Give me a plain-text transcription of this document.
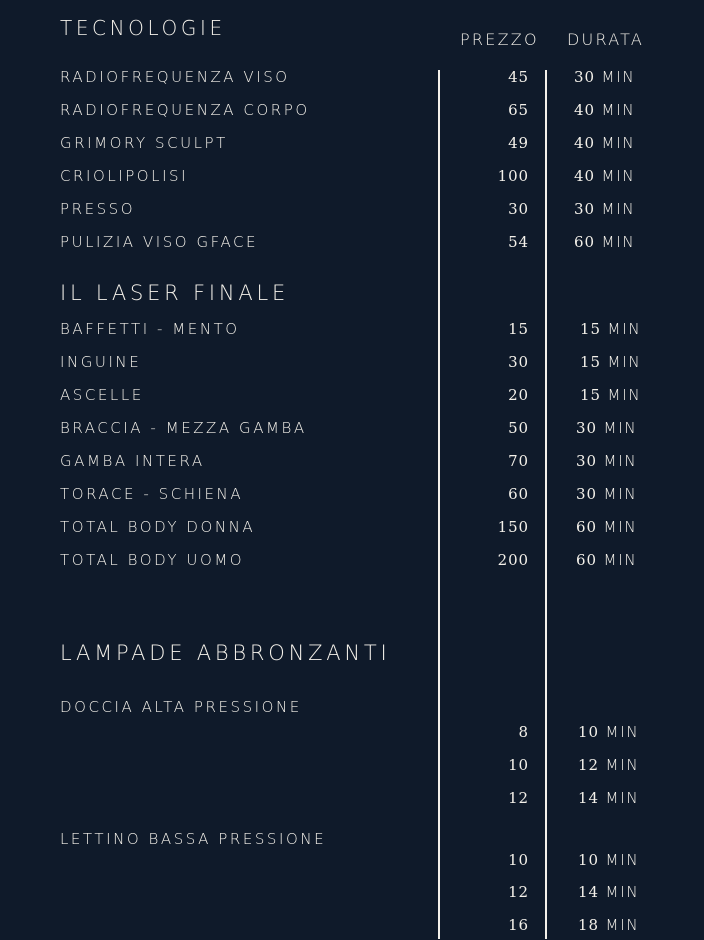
TECNOLOGIE	PREZZO DURATA
RADIOFREQUENZA VISO	45	30 MIN
RADIOFREQUENZA CORPO	65	40 MIN
GRIMORY SCULPT	49	40 MIN
CRIOLIPOLISI	100	40 MIN
PRESSO	30	30 MIN
PULIZIA VISO GFACE	54	60 MIN
IL LASER FINALE
BAFFETTI - MENTO	15	15 MIN
INGUINE	30	15 MIN
ASCELLE	20	15 MIN
BRACCIA - MEZZA GAMBA	50	30 MIN
GAMBA INTERA	70	30 MIN
TORACE - SCHIENA	60	30 MIN
TOTAL BODY DONNA	150	60 MIN
TOTAL BODY UOMO	200	60 MIN
LAMPADE ABBRONZANTI
DOCCIA ALTA PRESSIONE
8	10 MIN
10	12 MIN
12	14 MIN
LETTINO BASSA PRESSIONE
10	10 MIN
12	14 MIN
16	18 MIN
